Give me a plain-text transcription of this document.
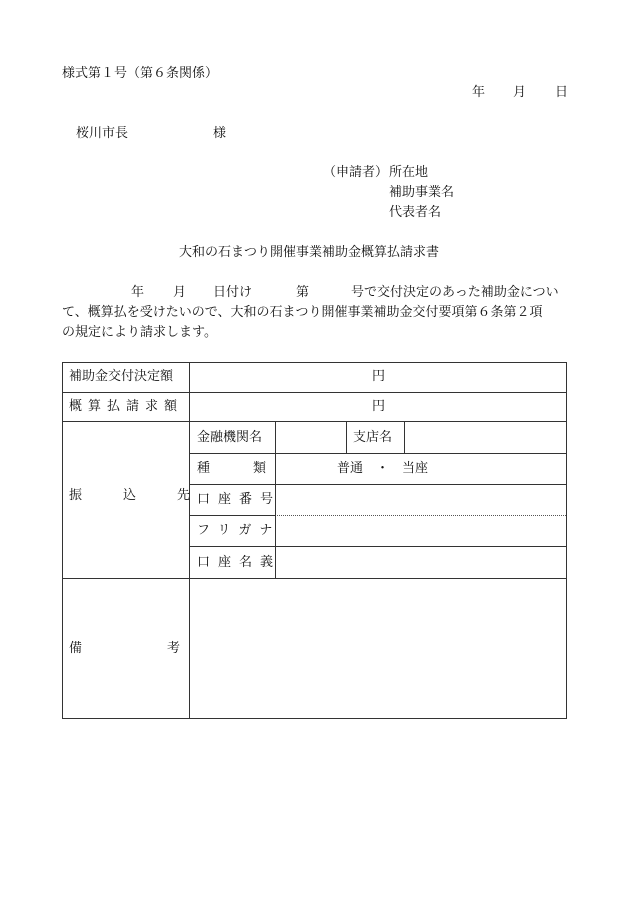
様式第１号（第６条関係）
年 月 日
桜川市長	様
（申請者） 所在地
補助事業名
代表者名
大和の石まつり開催事業補助金概算払請求書
年 月 日付け	第	号で交付決定のあった補助金につい
て、概算払を受けたいので、大和の石まつり開催事業補助金交付要項第６条第２項
の規定により請求します。
補助金交付決定額	円
概算払請求額	円
振込先
金融機関名	支店名
種類 普通　・　当座
口座番号
フリガナ
口座名義
備考
